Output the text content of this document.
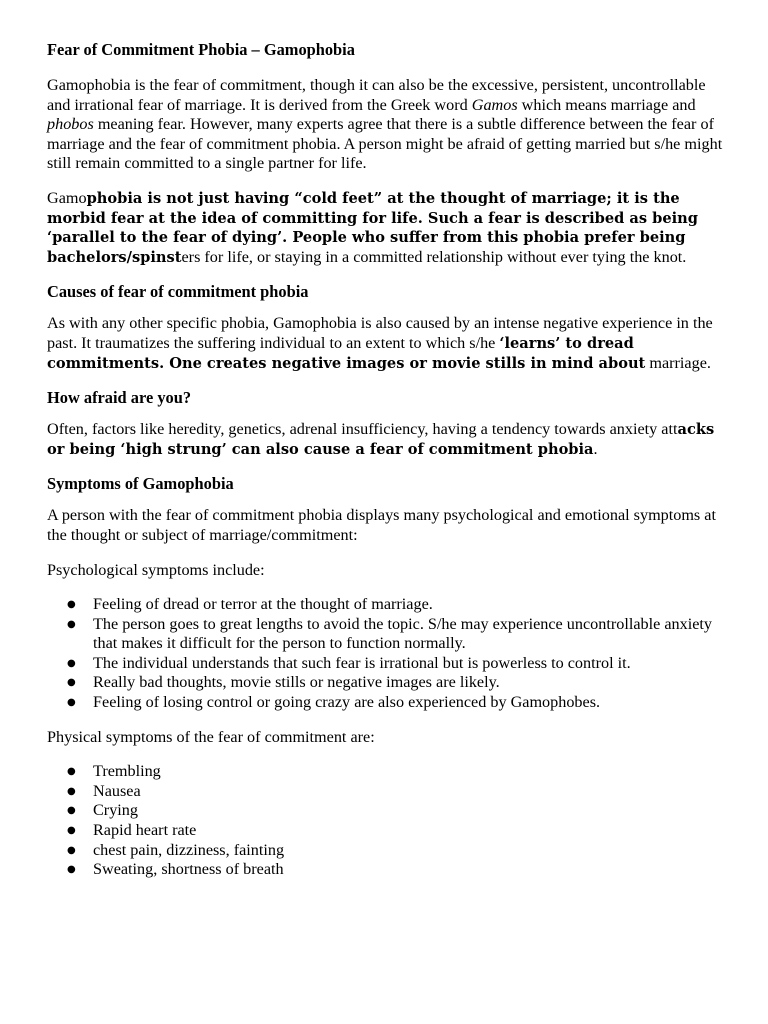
Fear of Commitment Phobia – Gamophobia

Gamophobia is the fear of commitment, though it can also be the excessive, persistent, uncontrollable and irrational fear of marriage. It is derived from the Greek word Gamos which means marriage and phobos meaning fear. However, many experts agree that there is a subtle difference between the fear of marriage and the fear of commitment phobia. A person might be afraid of getting married but s/he might still remain committed to a single partner for life.

Gamophobia is not just having “cold feet” at the thought of marriage; it is the morbid fear at the idea of committing for life. Such a fear is described as being ‘parallel to the fear of dying’. People who suffer from this phobia prefer being bachelors/spinsters for life, or staying in a committed relationship without ever tying the knot.

Causes of fear of commitment phobia

As with any other specific phobia, Gamophobia is also caused by an intense negative experience in the past. It traumatizes the suffering individual to an extent to which s/he ‘learns’ to dread commitments. One creates negative images or movie stills in mind about marriage.

How afraid are you?

Often, factors like heredity, genetics, adrenal insufficiency, having a tendency towards anxiety attacks or being ‘high strung’ can also cause a fear of commitment phobia.

Symptoms of Gamophobia

A person with the fear of commitment phobia displays many psychological and emotional symptoms at the thought or subject of marriage/commitment:

Psychological symptoms include:

● Feeling of dread or terror at the thought of marriage.
● The person goes to great lengths to avoid the topic. S/he may experience uncontrollable anxiety that makes it difficult for the person to function normally.
● The individual understands that such fear is irrational but is powerless to control it.
● Really bad thoughts, movie stills or negative images are likely.
● Feeling of losing control or going crazy are also experienced by Gamophobes.

Physical symptoms of the fear of commitment are:

● Trembling
● Nausea
● Crying
● Rapid heart rate
● chest pain, dizziness, fainting
● Sweating, shortness of breath
